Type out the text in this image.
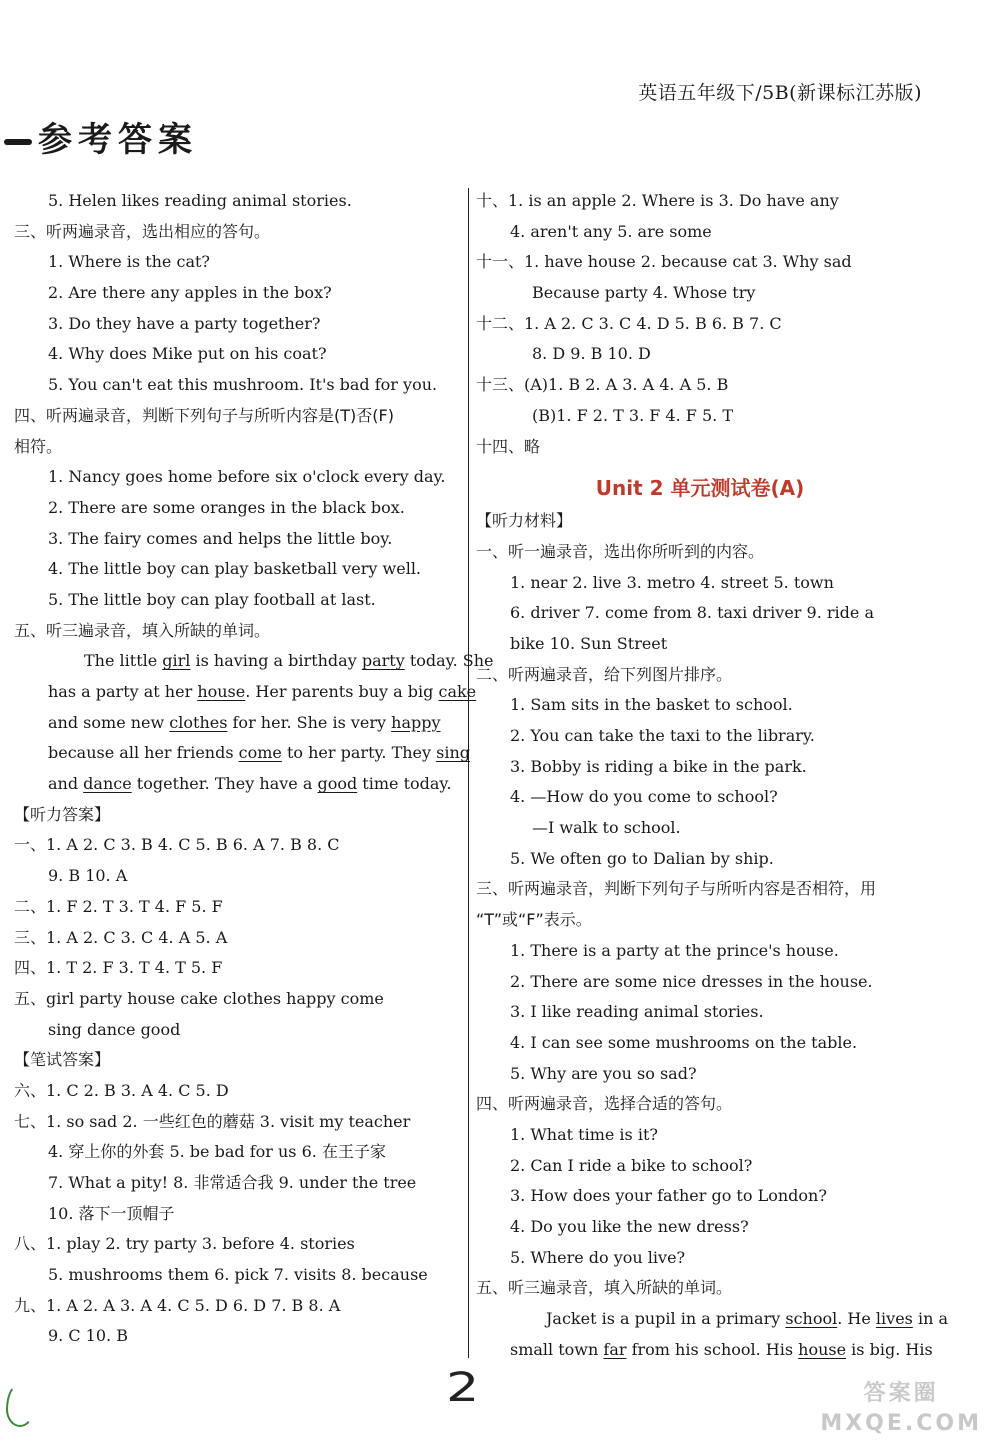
英语五年级下/5B(新课标江苏版)
参考答案
5. Helen likes reading animal stories.
三、听两遍录音，选出相应的答句。
1. Where is the cat?
2. Are there any apples in the box?
3. Do they have a party together?
4. Why does Mike put on his coat?
5. You can't eat this mushroom. It's bad for you.
四、听两遍录音，判断下列句子与所听内容是(T)否(F)
相符。
1. Nancy goes home before six o'clock every day.
2. There are some oranges in the black box.
3. The fairy comes and helps the little boy.
4. The little boy can play basketball very well.
5. The little boy can play football at last.
五、听三遍录音，填入所缺的单词。
The little girl is having a birthday party today. She
has a party at her house. Her parents buy a big cake
and some new clothes for her. She is very happy
because all her friends come to her party. They sing
and dance together. They have a good time today.
【听力答案】
一、1. A 2. C 3. B 4. C 5. B 6. A 7. B 8. C
9. B 10. A
二、1. F 2. T 3. T 4. F 5. F
三、1. A 2. C 3. C 4. A 5. A
四、1. T 2. F 3. T 4. T 5. F
五、girl party house cake clothes happy come
sing dance good
【笔试答案】
六、1. C 2. B 3. A 4. C 5. D
七、1. so sad 2. 一些红色的蘑菇 3. visit my teacher
4. 穿上你的外套 5. be bad for us 6. 在王子家
7. What a pity! 8. 非常适合我 9. under the tree
10. 落下一顶帽子
八、1. play 2. try party 3. before 4. stories
5. mushrooms them 6. pick 7. visits 8. because
九、1. A 2. A 3. A 4. C 5. D 6. D 7. B 8. A
9. C 10. B
十、1. is an apple 2. Where is 3. Do have any
4. aren't any 5. are some
十一、1. have house 2. because cat 3. Why sad
Because party 4. Whose try
十二、1. A 2. C 3. C 4. D 5. B 6. B 7. C
8. D 9. B 10. D
十三、(A)1. B 2. A 3. A 4. A 5. B
(B)1. F 2. T 3. F 4. F 5. T
十四、略
Unit 2 单元测试卷(A)
【听力材料】
一、听一遍录音，选出你所听到的内容。
1. near 2. live 3. metro 4. street 5. town
6. driver 7. come from 8. taxi driver 9. ride a
bike 10. Sun Street
二、听两遍录音，给下列图片排序。
1. Sam sits in the basket to school.
2. You can take the taxi to the library.
3. Bobby is riding a bike in the park.
4. —How do you come to school?
—I walk to school.
5. We often go to Dalian by ship.
三、听两遍录音，判断下列句子与所听内容是否相符，用
“T”或“F”表示。
1. There is a party at the prince's house.
2. There are some nice dresses in the house.
3. I like reading animal stories.
4. I can see some mushrooms on the table.
5. Why are you so sad?
四、听两遍录音，选择合适的答句。
1. What time is it?
2. Can I ride a bike to school?
3. How does your father go to London?
4. Do you like the new dress?
5. Where do you live?
五、听三遍录音，填入所缺的单词。
Jacket is a pupil in a primary school. He lives in a
small town far from his school. His house is big. His
2	答案圈
MXQE.COM
